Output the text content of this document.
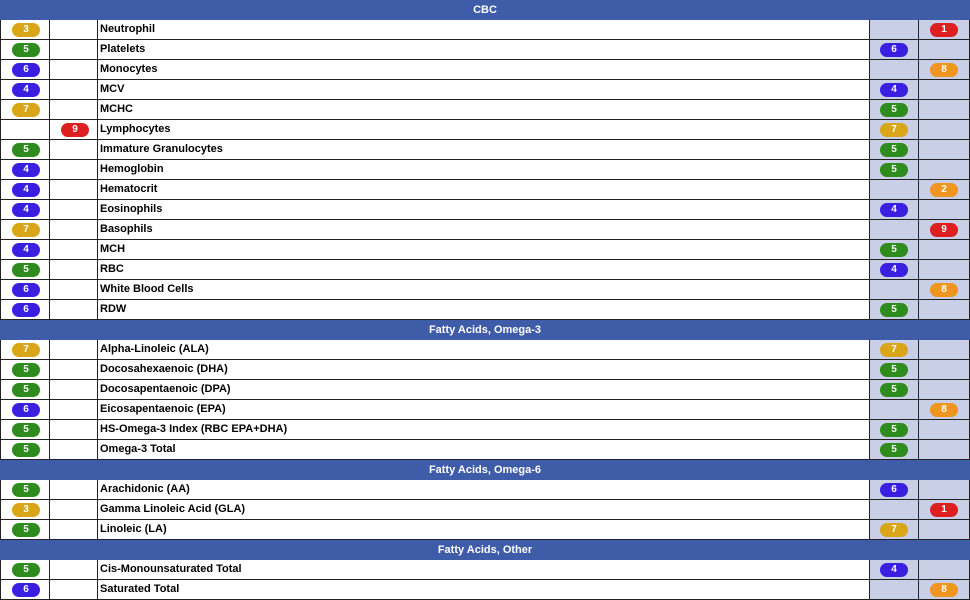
CBC
3	Neutrophil	1
5	Platelets	6
6	Monocytes	8
4	MCV	4
7	MCHC	5
9	Lymphocytes	7
5	Immature Granulocytes	5
4	Hemoglobin	5
4	Hematocrit	2
4	Eosinophils	4
7	Basophils	9
4	MCH	5
5	RBC	4
6	White Blood Cells	8
6	RDW	5
Fatty Acids, Omega-3
7	Alpha-Linoleic (ALA)	7
5	Docosahexaenoic (DHA)	5
5	Docosapentaenoic (DPA)	5
6	Eicosapentaenoic (EPA)	8
5	HS-Omega-3 Index (RBC EPA+DHA)	5
5	Omega-3 Total	5
Fatty Acids, Omega-6
5	Arachidonic (AA)	6
3	Gamma Linoleic Acid (GLA)	1
5	Linoleic (LA)	7
Fatty Acids, Other
5	Cis-Monounsaturated Total	4
6	Saturated Total	8
